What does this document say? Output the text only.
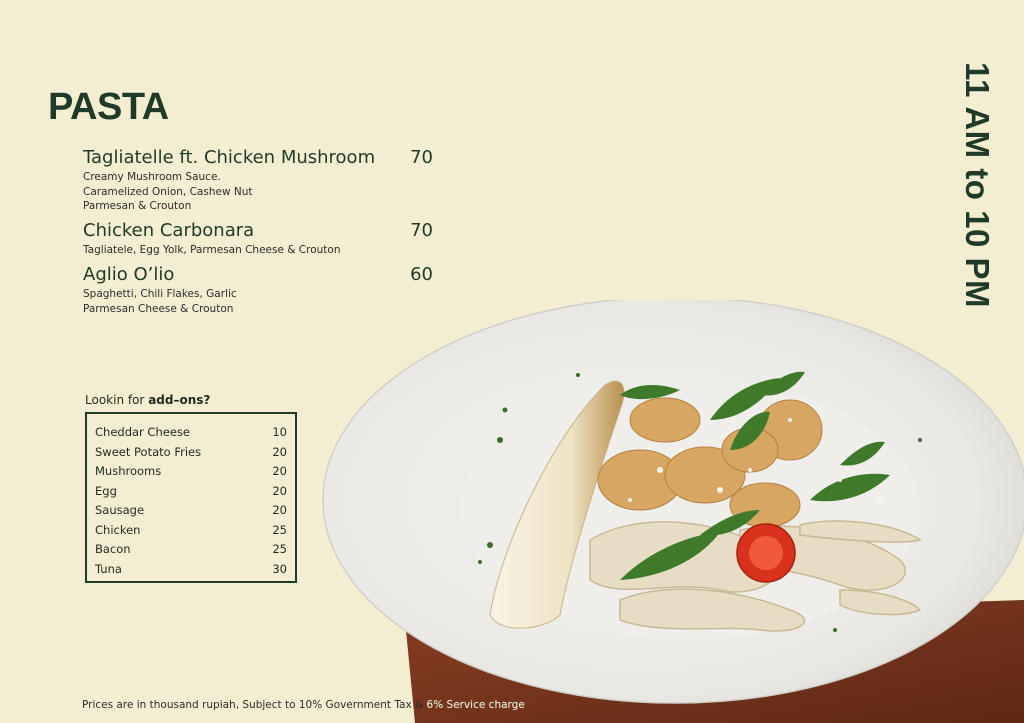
PASTA
Tagliatelle ft. Chicken Mushroom	70
Creamy Mushroom Sauce.
Caramelized Onion, Cashew Nut
Parmesan & Crouton
Chicken Carbonara	70
Tagliatele, Egg Yolk, Parmesan Cheese & Crouton
Aglio O’lio	60
Spaghetti, Chili Flakes, Garlic
Parmesan Cheese & Crouton
Lookin for add–ons?
Cheddar Cheese	10
Sweet Potato Fries	20
Mushrooms	20
Egg	20
Sausage	20
Chicken	25
Bacon	25
Tuna	30
11 AM to 10 PM
Prices are in thousand rupiah, Subject to 10% Government Tax & 6% Service charge
